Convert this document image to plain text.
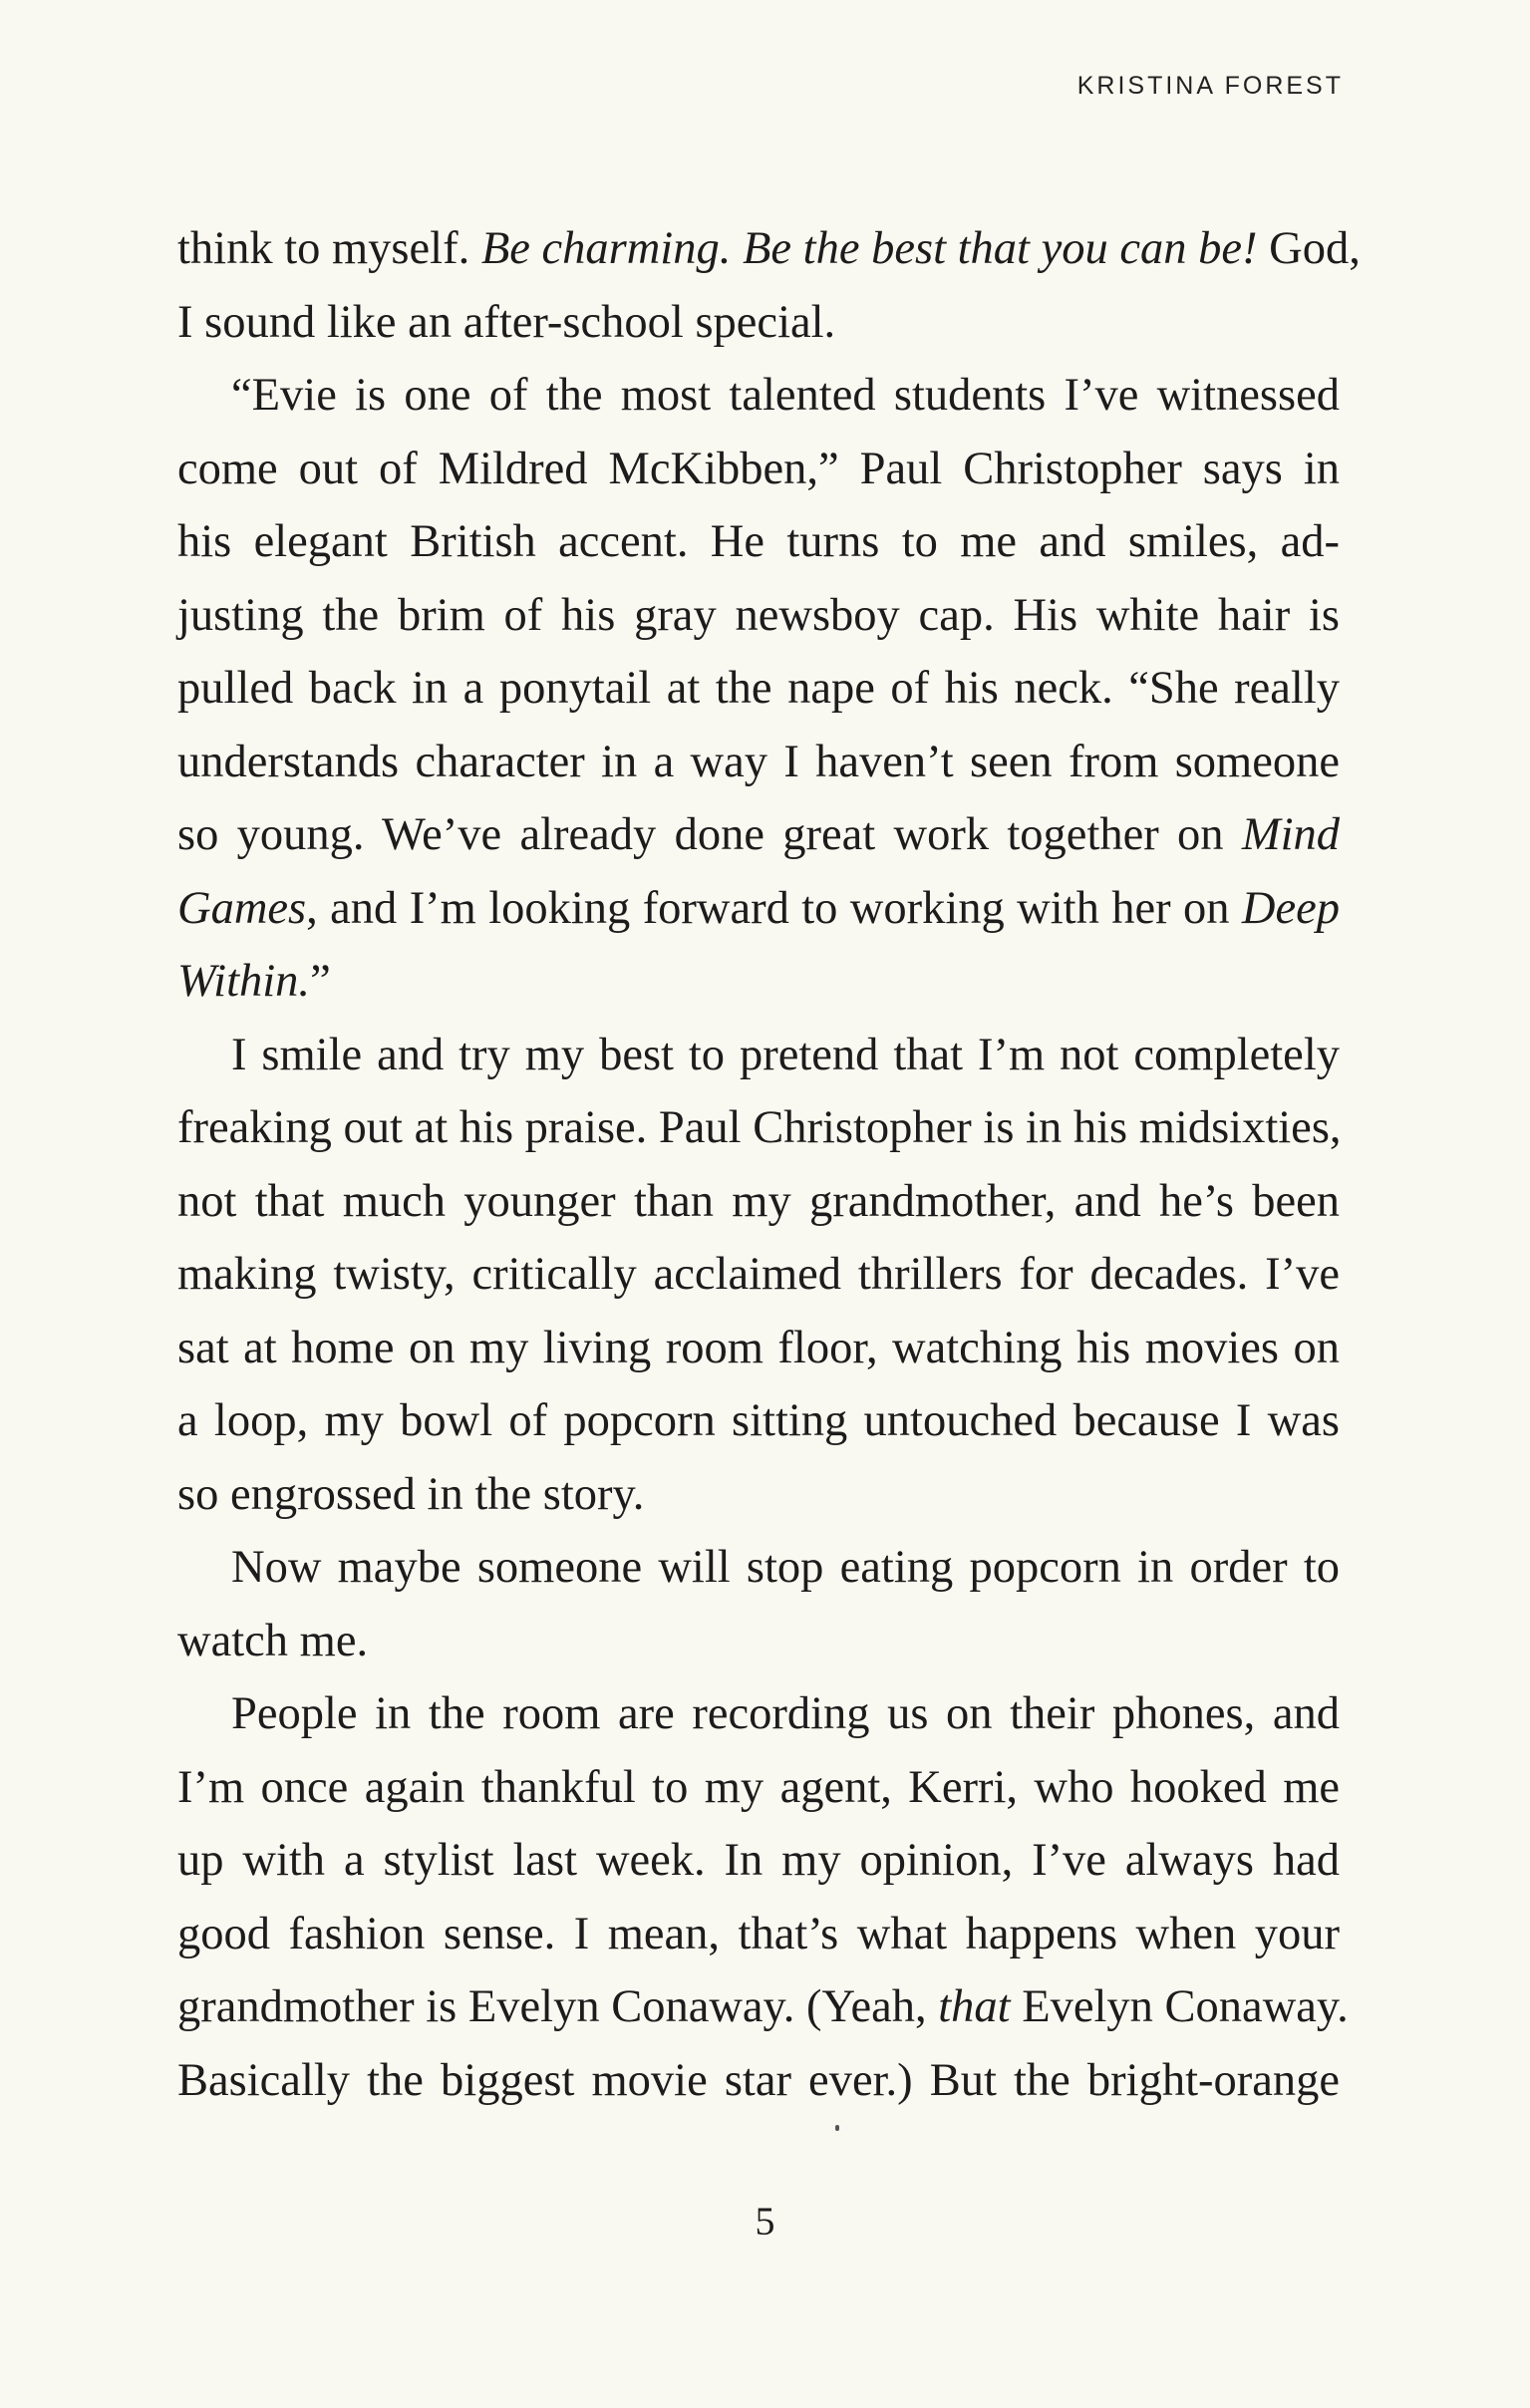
KRISTINA FOREST
think to myself. Be charming. Be the best that you can be! God,
I sound like an after-school special.
“Evie is one of the most talented students I’ve witnessed
come out of Mildred McKibben,” Paul Christopher says in
his elegant British accent. He turns to me and smiles, ad-
justing the brim of his gray newsboy cap. His white hair is
pulled back in a ponytail at the nape of his neck. “She really
understands character in a way I haven’t seen from someone
so young. We’ve already done great work together on Mind
Games, and I’m looking forward to working with her on Deep
Within.”
I smile and try my best to pretend that I’m not completely
freaking out at his praise. Paul Christopher is in his midsixties,
not that much younger than my grandmother, and he’s been
making twisty, critically acclaimed thrillers for decades. I’ve
sat at home on my living room floor, watching his movies on
a loop, my bowl of popcorn sitting untouched because I was
so engrossed in the story.
Now maybe someone will stop eating popcorn in order to
watch me.
People in the room are recording us on their phones, and
I’m once again thankful to my agent, Kerri, who hooked me
up with a stylist last week. In my opinion, I’ve always had
good fashion sense. I mean, that’s what happens when your
grandmother is Evelyn Conaway. (Yeah, that Evelyn Conaway.
Basically the biggest movie star ever.) But the bright-orange
5
